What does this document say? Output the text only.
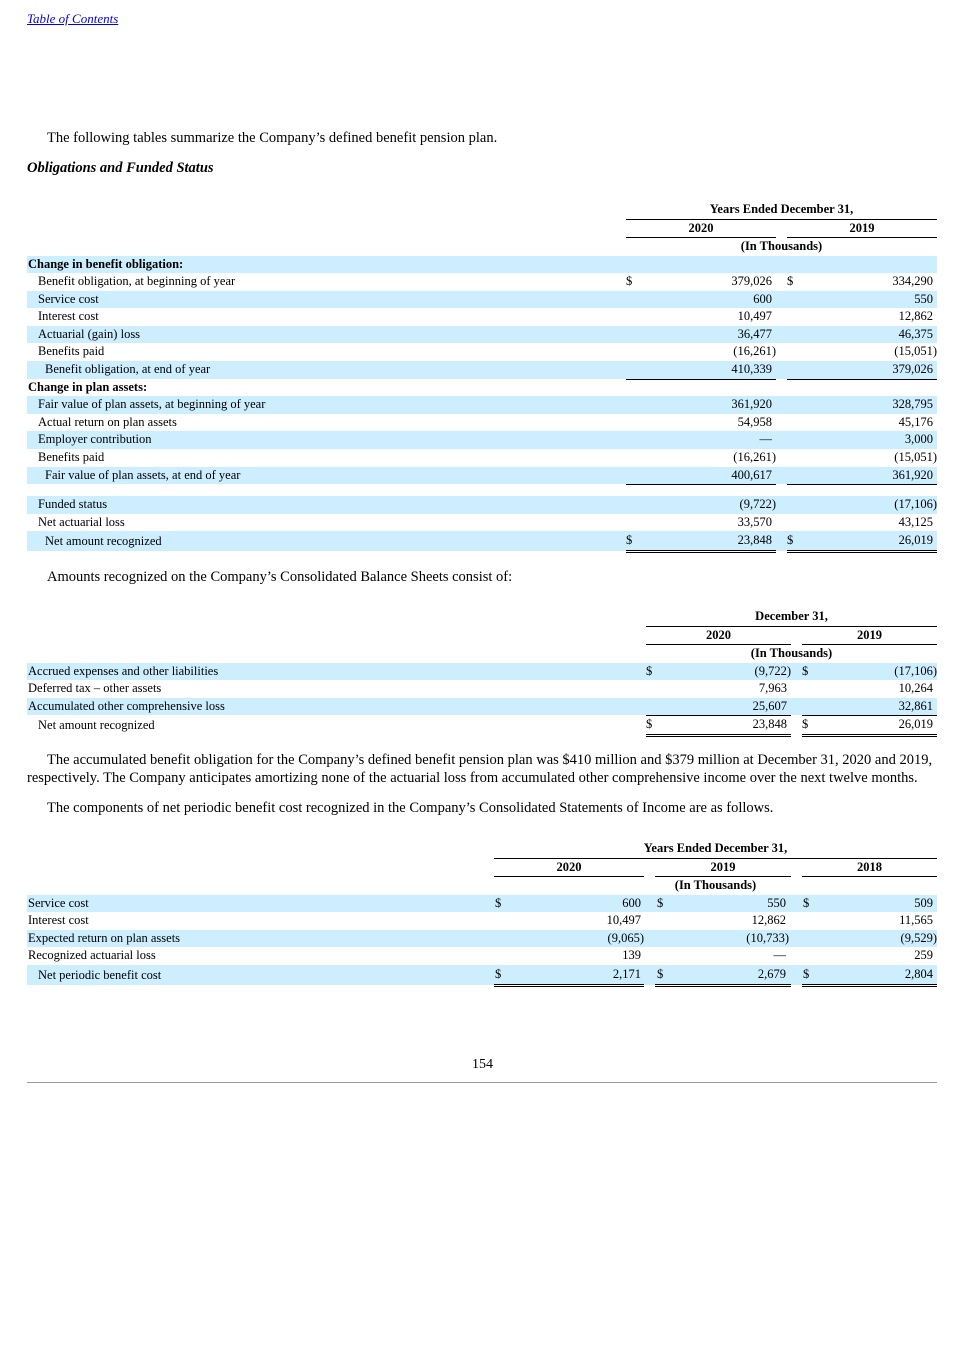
Table of Contents
The following tables summarize the Company’s defined benefit pension plan.
Obligations and Funded Status
Years Ended December 31,
2020	2019
(In Thousands)
Change in benefit obligation:
Benefit obligation, at beginning of year	$	379,026 $	334,290
Service cost	600	550
Interest cost	10,497	12,862
Actuarial (gain) loss	36,477	46,375
Benefits paid	(16,261)	(15,051)
Benefit obligation, at end of year	410,339	379,026
Change in plan assets:
Fair value of plan assets, at beginning of year	361,920	328,795
Actual return on plan assets	54,958	45,176
Employer contribution	—	3,000
Benefits paid	(16,261)	(15,051)
Fair value of plan assets, at end of year	400,617	361,920
Funded status	(9,722)	(17,106)
Net actuarial loss	33,570	43,125
Net amount recognized	$	23,848 $	26,019
Amounts recognized on the Company’s Consolidated Balance Sheets consist of:
December 31,
2020	2019
(In Thousands)
Accrued expenses and other liabilities	$	(9,722) $	(17,106)
Deferred tax – other assets	7,963	10,264
Accumulated other comprehensive loss	25,607	32,861
Net amount recognized	$	23,848 $	26,019
The accumulated benefit obligation for the Company’s defined benefit pension plan was $410 million and $379 million at December 31, 2020 and 2019, respectively. The Company anticipates amortizing none of the actuarial loss from accumulated other comprehensive income over the next twelve months.
The components of net periodic benefit cost recognized in the Company’s Consolidated Statements of Income are as follows.
Years Ended December 31,
2020	2019	2018
(In Thousands)
Service cost	$	600 $	550 $	509
Interest cost	10,497	12,862	11,565
Expected return on plan assets	(9,065)	(10,733)	(9,529)
Recognized actuarial loss	139	—	259
Net periodic benefit cost	$	2,171 $	2,679 $	2,804
154
